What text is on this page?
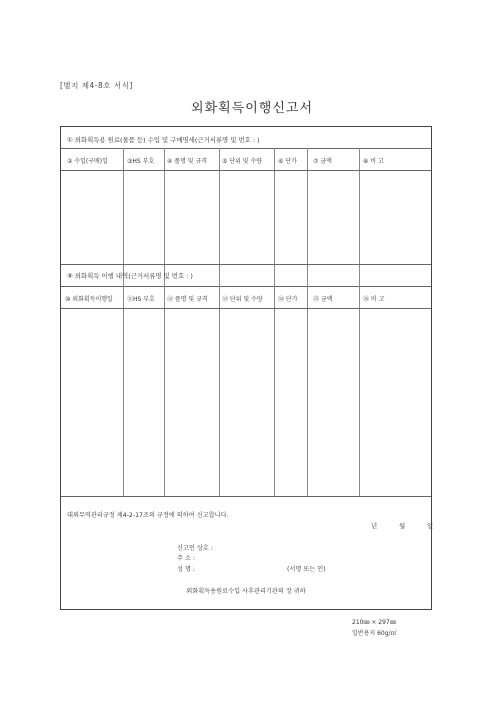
[별지 제4-8호 서식]
외화획득이행신고서
① 외화획득용 원료(물품 등) 수입 및 구매명세(근거서류명 및 번호 : )
② 수입(구매)일	③HS 부호 ④ 품명 및 규격 ⑤ 단위 및 수량	⑥ 단가	⑦ 금액	⑧ 비 고
⑨ 외화획득 이행 내역(근거서류명 및 번호 : )
⑩ 외화획득이행일 ⑪HS 부호 ⑫ 품명 및 규격 ⑬ 단위 및 수량	⑭ 단가	⑮ 금액	⑯ 비 고
대외무역관리규정 제4-2-17조의 규정에 의하여 신고합니다.
년	월	일
신고인 상호 :
주 소 :
성 명 :	(서명 또는 인)
외화획득용원료수입 사후관리기관의 장 귀하
210㎜ × 297㎜
일반용지 60g/㎡
